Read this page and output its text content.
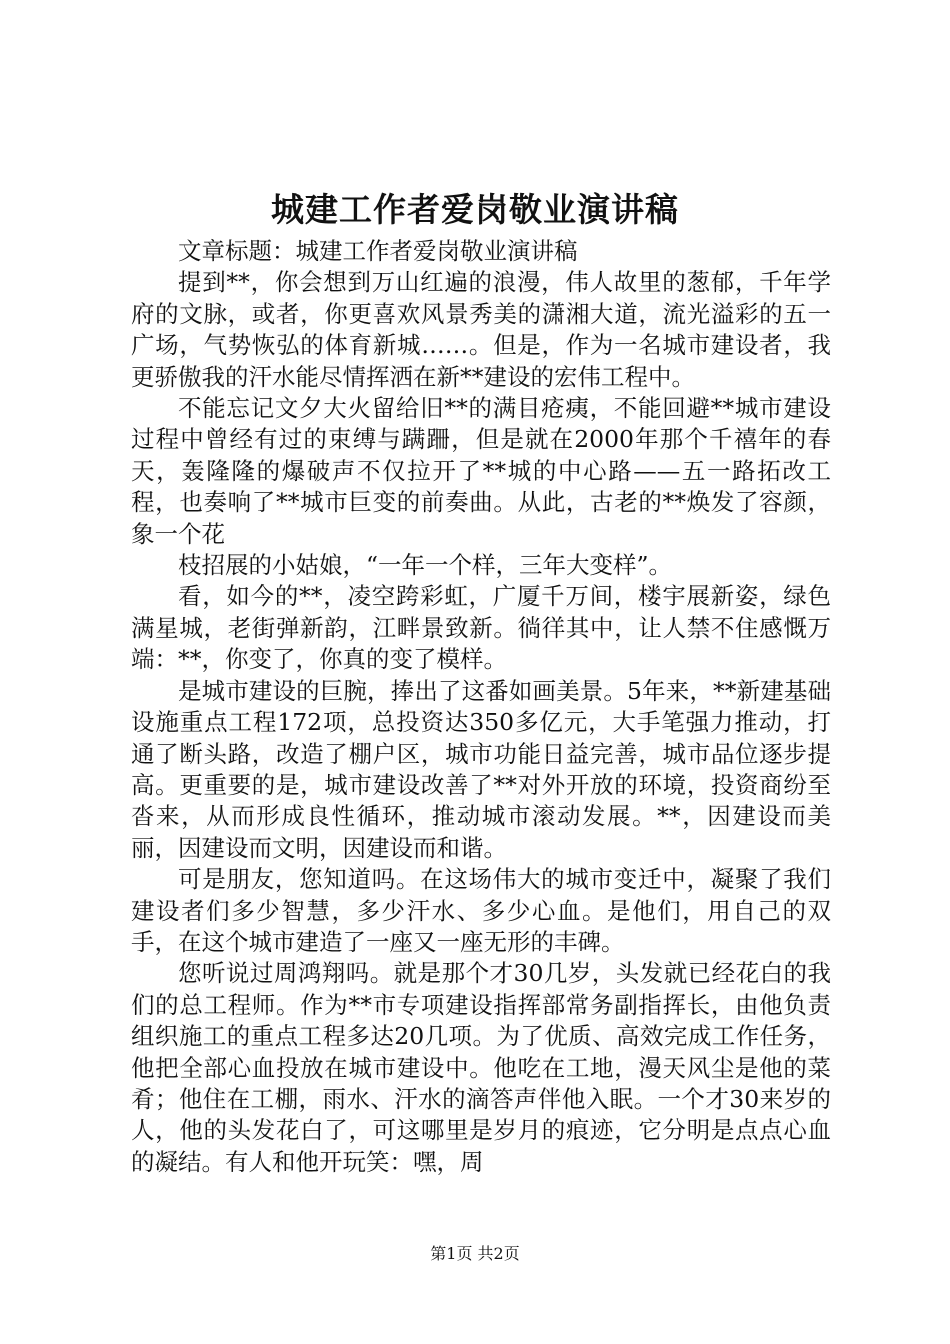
城建工作者爱岗敬业演讲稿

文章标题：城建工作者爱岗敬业演讲稿

提到**，你会想到万山红遍的浪漫，伟人故里的葱郁，千年学府的文脉，或者，你更喜欢风景秀美的潇湘大道，流光溢彩的五一广场，气势恢弘的体育新城……。但是，作为一名城市建设者，我更骄傲我的汗水能尽情挥洒在新**建设的宏伟工程中。

不能忘记文夕大火留给旧**的满目疮痍，不能回避**城市建设过程中曾经有过的束缚与蹒跚，但是就在2000年那个千禧年的春天，轰隆隆的爆破声不仅拉开了**城的中心路——五一路拓改工程，也奏响了**城市巨变的前奏曲。从此，古老的**焕发了容颜，象一个花

枝招展的小姑娘，“一年一个样，三年大变样”。

看，如今的**，凌空跨彩虹，广厦千万间，楼宇展新姿，绿色满星城，老街弹新韵，江畔景致新。徜徉其中，让人禁不住感慨万端：**，你变了，你真的变了模样。

是城市建设的巨腕，捧出了这番如画美景。5年来，**新建基础设施重点工程172项，总投资达350多亿元，大手笔强力推动，打通了断头路，改造了棚户区，城市功能日益完善，城市品位逐步提高。更重要的是，城市建设改善了**对外开放的环境，投资商纷至沓来，从而形成良性循环，推动城市滚动发展。**，因建设而美丽，因建设而文明，因建设而和谐。

可是朋友，您知道吗。在这场伟大的城市变迁中，凝聚了我们建设者们多少智慧，多少汗水、多少心血。是他们，用自己的双手，在这个城市建造了一座又一座无形的丰碑。

您听说过周鸿翔吗。就是那个才30几岁，头发就已经花白的我们的总工程师。作为**市专项建设指挥部常务副指挥长，由他负责组织施工的重点工程多达20几项。为了优质、高效完成工作任务，他把全部心血投放在城市建设中。他吃在工地，漫天风尘是他的菜肴；他住在工棚，雨水、汗水的滴答声伴他入眠。一个才30来岁的人，他的头发花白了，可这哪里是岁月的痕迹，它分明是点点心血的凝结。有人和他开玩笑：嘿，周

第1页 共2页
